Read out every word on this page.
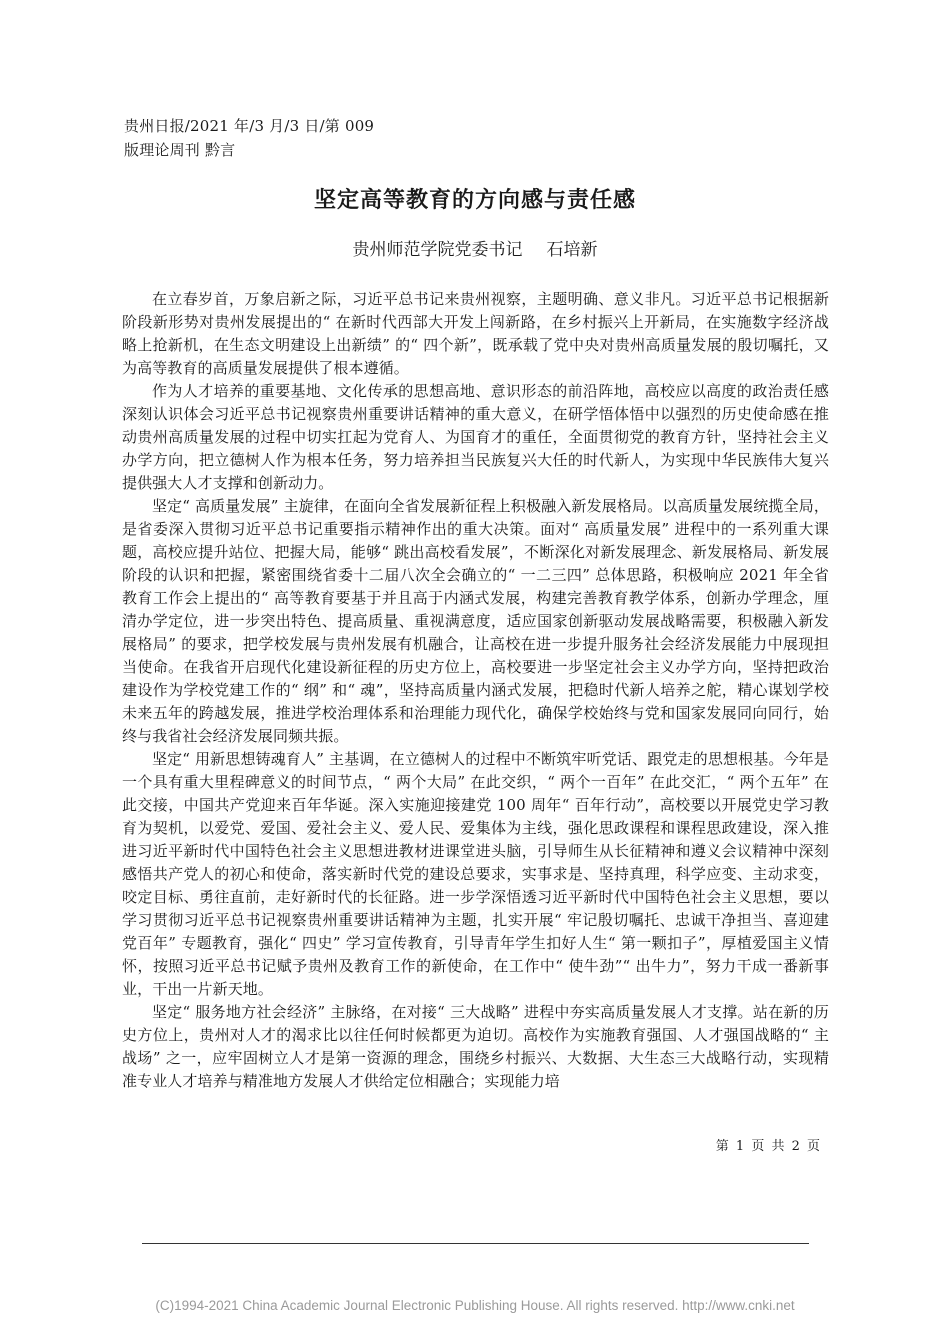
贵州日报/2021 年/3 月/3 日/第 009
版理论周刊 黔言
坚定高等教育的方向感与责任感
贵州师范学院党委书记 石培新

在立春岁首，万象启新之际，习近平总书记来贵州视察，主题明确、意义非凡。习近平总书记根据新阶段新形势对贵州发展提出的“ 在新时代西部大开发上闯新路，在乡村振兴上开新局，在实施数字经济战略上抢新机，在生态文明建设上出新绩” 的“ 四个新”，既承载了党中央对贵州高质量发展的殷切嘱托，又为高等教育的高质量发展提供了根本遵循。

作为人才培养的重要基地、文化传承的思想高地、意识形态的前沿阵地，高校应以高度的政治责任感深刻认识体会习近平总书记视察贵州重要讲话精神的重大意义，在研学悟体悟中以强烈的历史使命感在推动贵州高质量发展的过程中切实扛起为党育人、为国育才的重任，全面贯彻党的教育方针，坚持社会主义办学方向，把立德树人作为根本任务，努力培养担当民族复兴大任的时代新人，为实现中华民族伟大复兴提供强大人才支撑和创新动力。

坚定“ 高质量发展” 主旋律，在面向全省发展新征程上积极融入新发展格局。以高质量发展统揽全局，是省委深入贯彻习近平总书记重要指示精神作出的重大决策。面对“ 高质量发展” 进程中的一系列重大课题，高校应提升站位、把握大局，能够“ 跳出高校看发展”，不断深化对新发展理念、新发展格局、新发展阶段的认识和把握，紧密围绕省委十二届八次全会确立的“ 一二三四” 总体思路，积极响应 2021 年全省教育工作会上提出的“ 高等教育要基于并且高于内涵式发展，构建完善教育教学体系，创新办学理念，厘清办学定位，进一步突出特色、提高质量、重视满意度，适应国家创新驱动发展战略需要，积极融入新发展格局” 的要求，把学校发展与贵州发展有机融合，让高校在进一步提升服务社会经济发展能力中展现担当使命。在我省开启现代化建设新征程的历史方位上，高校要进一步坚定社会主义办学方向，坚持把政治建设作为学校党建工作的“ 纲” 和“ 魂”，坚持高质量内涵式发展，把稳时代新人培养之舵，精心谋划学校未来五年的跨越发展，推进学校治理体系和治理能力现代化，确保学校始终与党和国家发展同向同行，始终与我省社会经济发展同频共振。

坚定“ 用新思想铸魂育人” 主基调，在立德树人的过程中不断筑牢听党话、跟党走的思想根基。今年是一个具有重大里程碑意义的时间节点，“ 两个大局” 在此交织，“ 两个一百年” 在此交汇，“ 两个五年” 在此交接，中国共产党迎来百年华诞。深入实施迎接建党 100 周年“ 百年行动”，高校要以开展党史学习教育为契机，以爱党、爱国、爱社会主义、爱人民、爱集体为主线，强化思政课程和课程思政建设，深入推进习近平新时代中国特色社会主义思想进教材进课堂进头脑，引导师生从长征精神和遵义会议精神中深刻感悟共产党人的初心和使命，落实新时代党的建设总要求，实事求是、坚持真理，科学应变、主动求变，咬定目标、勇往直前，走好新时代的长征路。进一步学深悟透习近平新时代中国特色社会主义思想，要以学习贯彻习近平总书记视察贵州重要讲话精神为主题，扎实开展“ 牢记殷切嘱托、忠诚干净担当、喜迎建党百年” 专题教育，强化“ 四史” 学习宣传教育，引导青年学生扣好人生“ 第一颗扣子”，厚植爱国主义情怀，按照习近平总书记赋予贵州及教育工作的新使命，在工作中“ 使牛劲”“ 出牛力”，努力干成一番新事业，干出一片新天地。

坚定“ 服务地方社会经济” 主脉络，在对接“ 三大战略” 进程中夯实高质量发展人才支撑。站在新的历史方位上，贵州对人才的渴求比以往任何时候都更为迫切。高校作为实施教育强国、人才强国战略的“ 主战场” 之一，应牢固树立人才是第一资源的理念，围绕乡村振兴、大数据、大生态三大战略行动，实现精准专业人才培养与精准地方发展人才供给定位相融合；实现能力培

第 1 页 共 2 页
(C)1994-2021 China Academic Journal Electronic Publishing House. All rights reserved. http://www.cnki.net
